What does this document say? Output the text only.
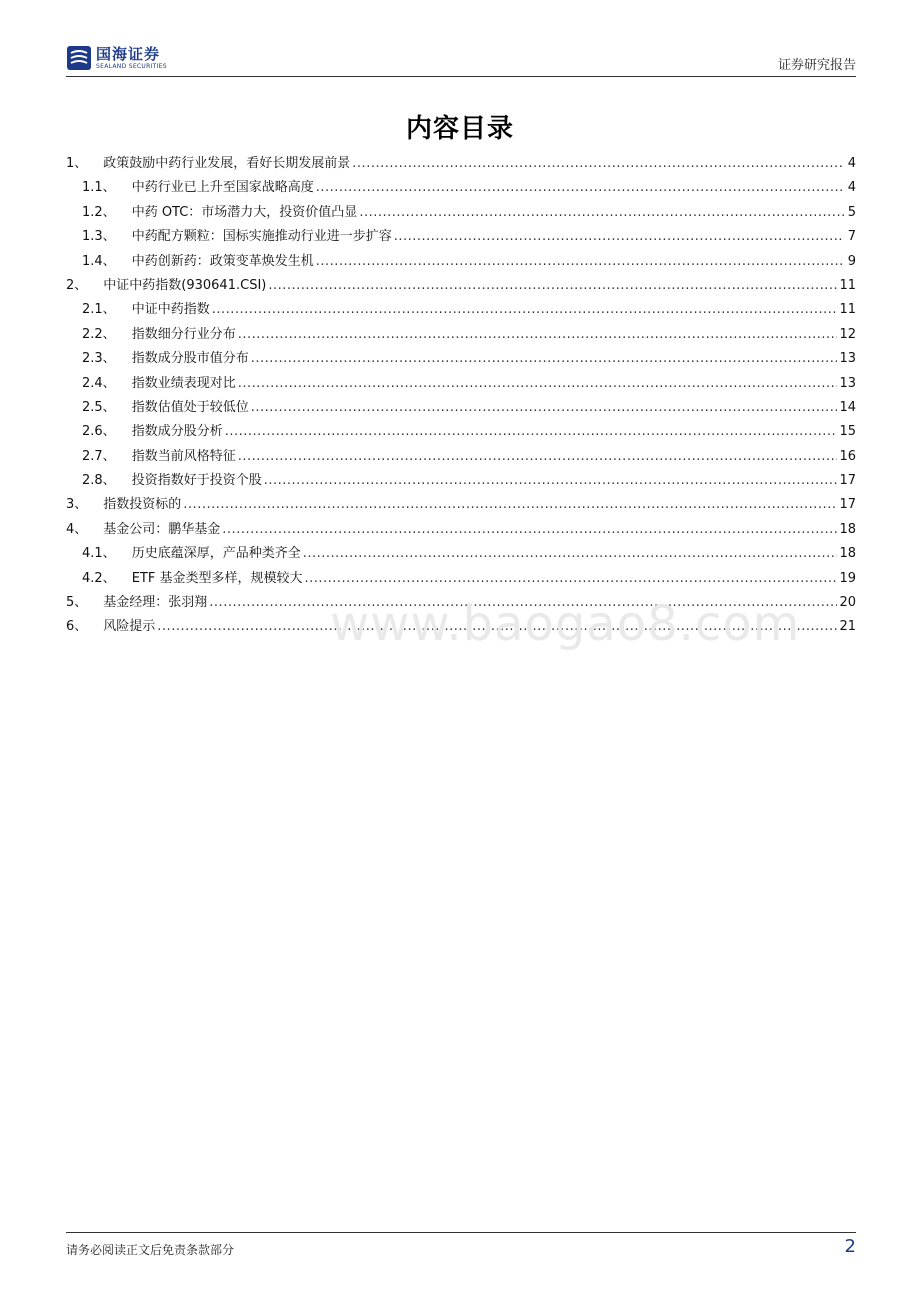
国海证券
SEALAND SECURITIES	证券研究报告
内容目录
1、	政策鼓励中药行业发展，看好长期发展前景 .....	4
1.1、	中药行业已上升至国家战略高度 .....	4
1.2、	中药 OTC：市场潜力大，投资价值凸显 .....	5
1.3、	中药配方颗粒：国标实施推动行业进一步扩容 .....	7
1.4、	中药创新药：政策变革焕发生机 .....	9
2、	中证中药指数(930641.CSI) .....	11
2.1、	中证中药指数 .....	11
2.2、	指数细分行业分布 .....	12
2.3、	指数成分股市值分布 .....	13
2.4、	指数业绩表现对比 .....	13
2.5、	指数估值处于较低位 .....	14
2.6、	指数成分股分析 .....	15
2.7、	指数当前风格特征 .....	16
2.8、	投资指数好于投资个股 .....	17
3、	指数投资标的 .....	17
4、	基金公司：鹏华基金 .....	18
4.1、	历史底蕴深厚，产品种类齐全 .....	18
4.2、	ETF 基金类型多样，规模较大 .....	19
5、	基金经理：张羽翔 .....	20
6、	风险提示 .....	21
www.baogao8.com
请务必阅读正文后免责条款部分	2
